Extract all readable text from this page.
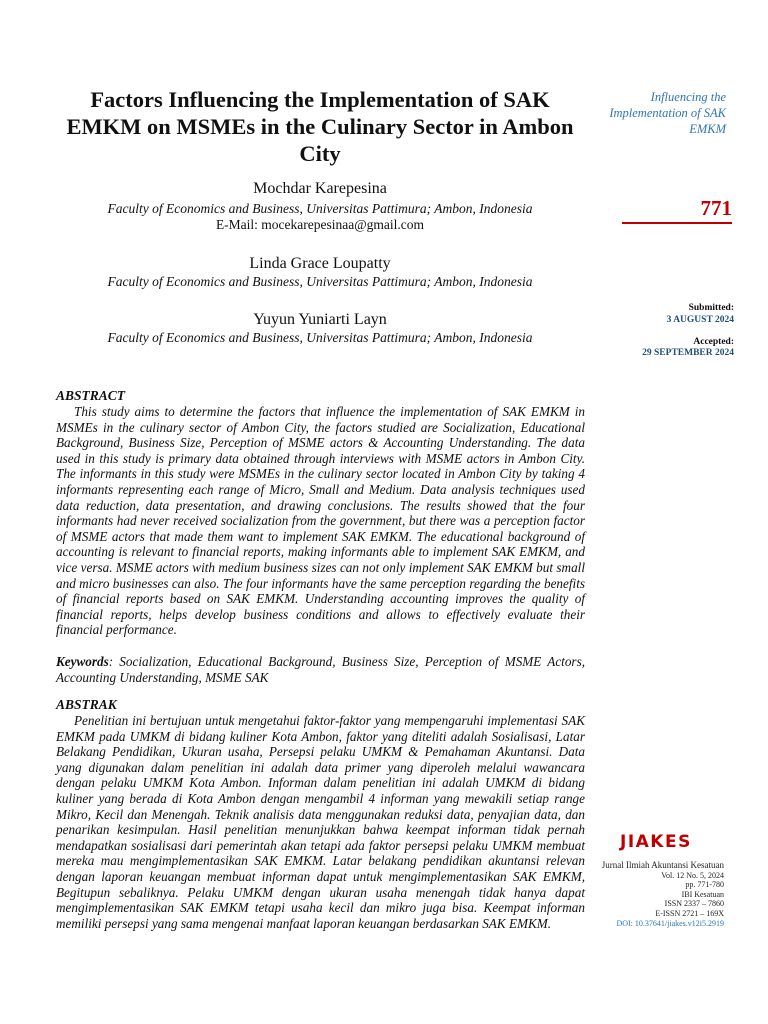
Factors Influencing the Implementation of SAK EMKM on MSMEs in the Culinary Sector in Ambon City
Mochdar Karepesina
Faculty of Economics and Business, Universitas Pattimura; Ambon, Indonesia
E-Mail: mocekarepesinaa@gmail.com
Linda Grace Loupatty
Faculty of Economics and Business, Universitas Pattimura; Ambon, Indonesia
Yuyun Yuniarti Layn
Faculty of Economics and Business, Universitas Pattimura; Ambon, Indonesia
Influencing the Implementation of SAK EMKM
771
Submitted:
3 AUGUST 2024
Accepted:
29 SEPTEMBER 2024
ABSTRACT

This study aims to determine the factors that influence the implementation of SAK EMKM in MSMEs in the culinary sector of Ambon City, the factors studied are Socialization, Educational Background, Business Size, Perception of MSME actors & Accounting Understanding. The data used in this study is primary data obtained through interviews with MSME actors in Ambon City. The informants in this study were MSMEs in the culinary sector located in Ambon City by taking 4 informants representing each range of Micro, Small and Medium. Data analysis techniques used data reduction, data presentation, and drawing conclusions. The results showed that the four informants had never received socialization from the government, but there was a perception factor of MSME actors that made them want to implement SAK EMKM. The educational background of accounting is relevant to financial reports, making informants able to implement SAK EMKM, and vice versa. MSME actors with medium business sizes can not only implement SAK EMKM but small and micro businesses can also. The four informants have the same perception regarding the benefits of financial reports based on SAK EMKM. Understanding accounting improves the quality of financial reports, helps develop business conditions and allows to effectively evaluate their financial performance.

Keywords: Socialization, Educational Background, Business Size, Perception of MSME Actors, Accounting Understanding, MSME SAK
ABSTRAK

Penelitian ini bertujuan untuk mengetahui faktor-faktor yang mempengaruhi implementasi SAK EMKM pada UMKM di bidang kuliner Kota Ambon, faktor yang diteliti adalah Sosialisasi, Latar Belakang Pendidikan, Ukuran usaha, Persepsi pelaku UMKM & Pemahaman Akuntansi. Data yang digunakan dalam penelitian ini adalah data primer yang diperoleh melalui wawancara dengan pelaku UMKM Kota Ambon. Informan dalam penelitian ini adalah UMKM di bidang kuliner yang berada di Kota Ambon dengan mengambil 4 informan yang mewakili setiap range Mikro, Kecil dan Menengah. Teknik analisis data menggunakan reduksi data, penyajian data, dan penarikan kesimpulan. Hasil penelitian menunjukkan bahwa keempat informan tidak pernah mendapatkan sosialisasi dari pemerintah akan tetapi ada faktor persepsi pelaku UMKM membuat mereka mau mengimplementasikan SAK EMKM. Latar belakang pendidikan akuntansi relevan dengan laporan keuangan membuat informan dapat untuk mengimplementasikan SAK EMKM, Begitupun sebaliknya. Pelaku UMKM dengan ukuran usaha menengah tidak hanya dapat mengimplementasikan SAK EMKM tetapi usaha kecil dan mikro juga bisa. Keempat informan memiliki persepsi yang sama mengenai manfaat laporan keuangan berdasarkan SAK EMKM.

JIAKES
Jurnal Ilmiah Akuntansi Kesatuan
Vol. 12 No. 5, 2024
pp. 771-780
IBI Kesatuan
ISSN 2337 – 7860
E-ISSN 2721 – 169X
DOI: 10.37641/jiakes.v12i5.2919
